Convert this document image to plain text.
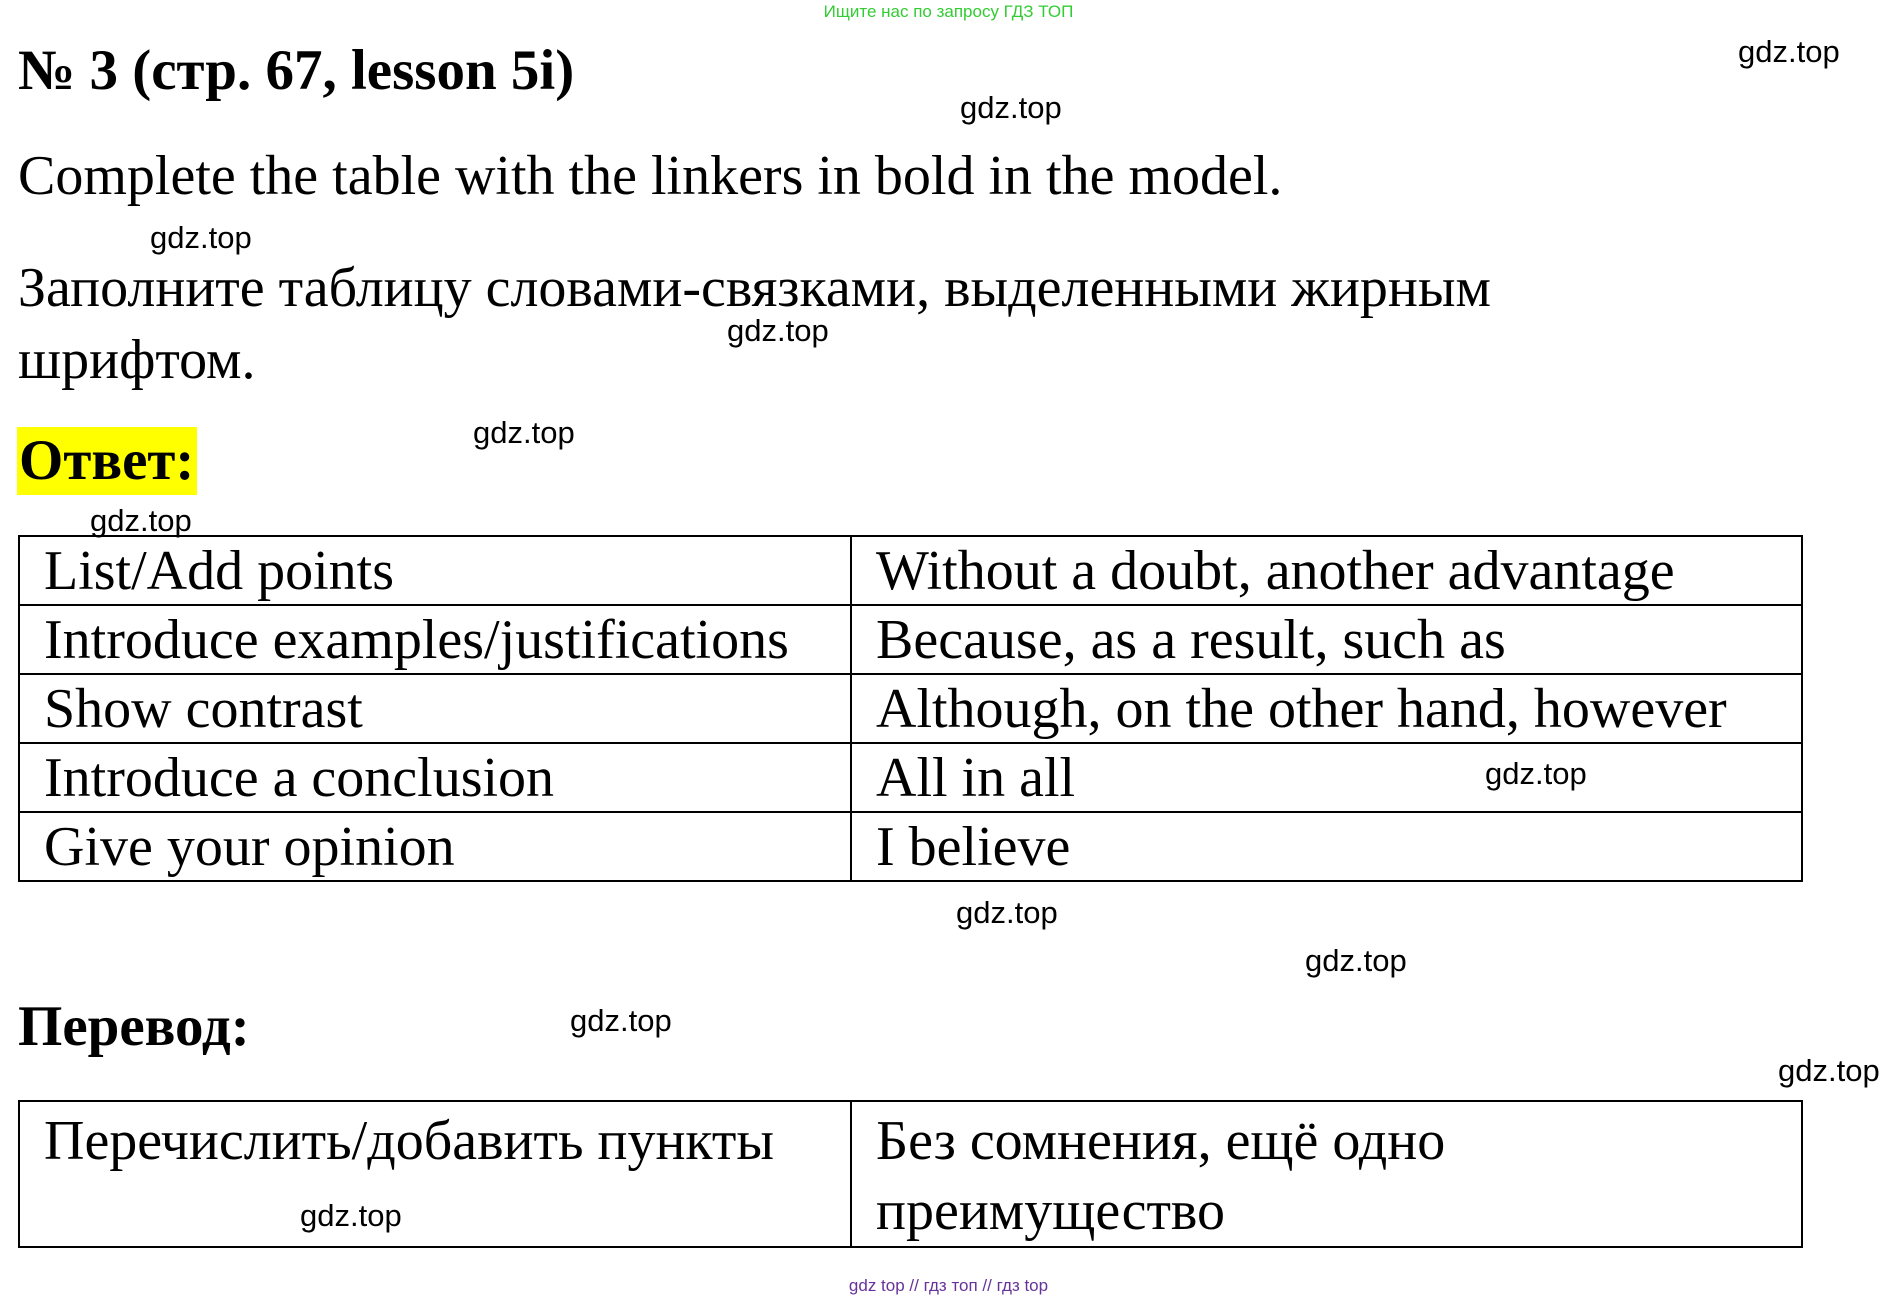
Ищите нас по запросу ГДЗ ТОП
№ 3 (стр. 67, lesson 5i)
Complete the table with the linkers in bold in the model.
Заполните таблицу словами-связками, выделенными жирным шрифтом.
Ответ:
List/Add points	Without a doubt, another advantage
Introduce examples/justifications	Because, as a result, such as
Show contrast	Although, on the other hand, however
Introduce a conclusion	All in all
Give your opinion	I believe
Перевод:
Перечислить/добавить пункты	Без сомнения, ещё одно преимущество
gdz.top
gdz.top
gdz.top
gdz.top
gdz.top
gdz.top
gdz.top
gdz.top
gdz.top
gdz.top
gdz.top
gdz.top
gdz top // гдз топ // гдз top
